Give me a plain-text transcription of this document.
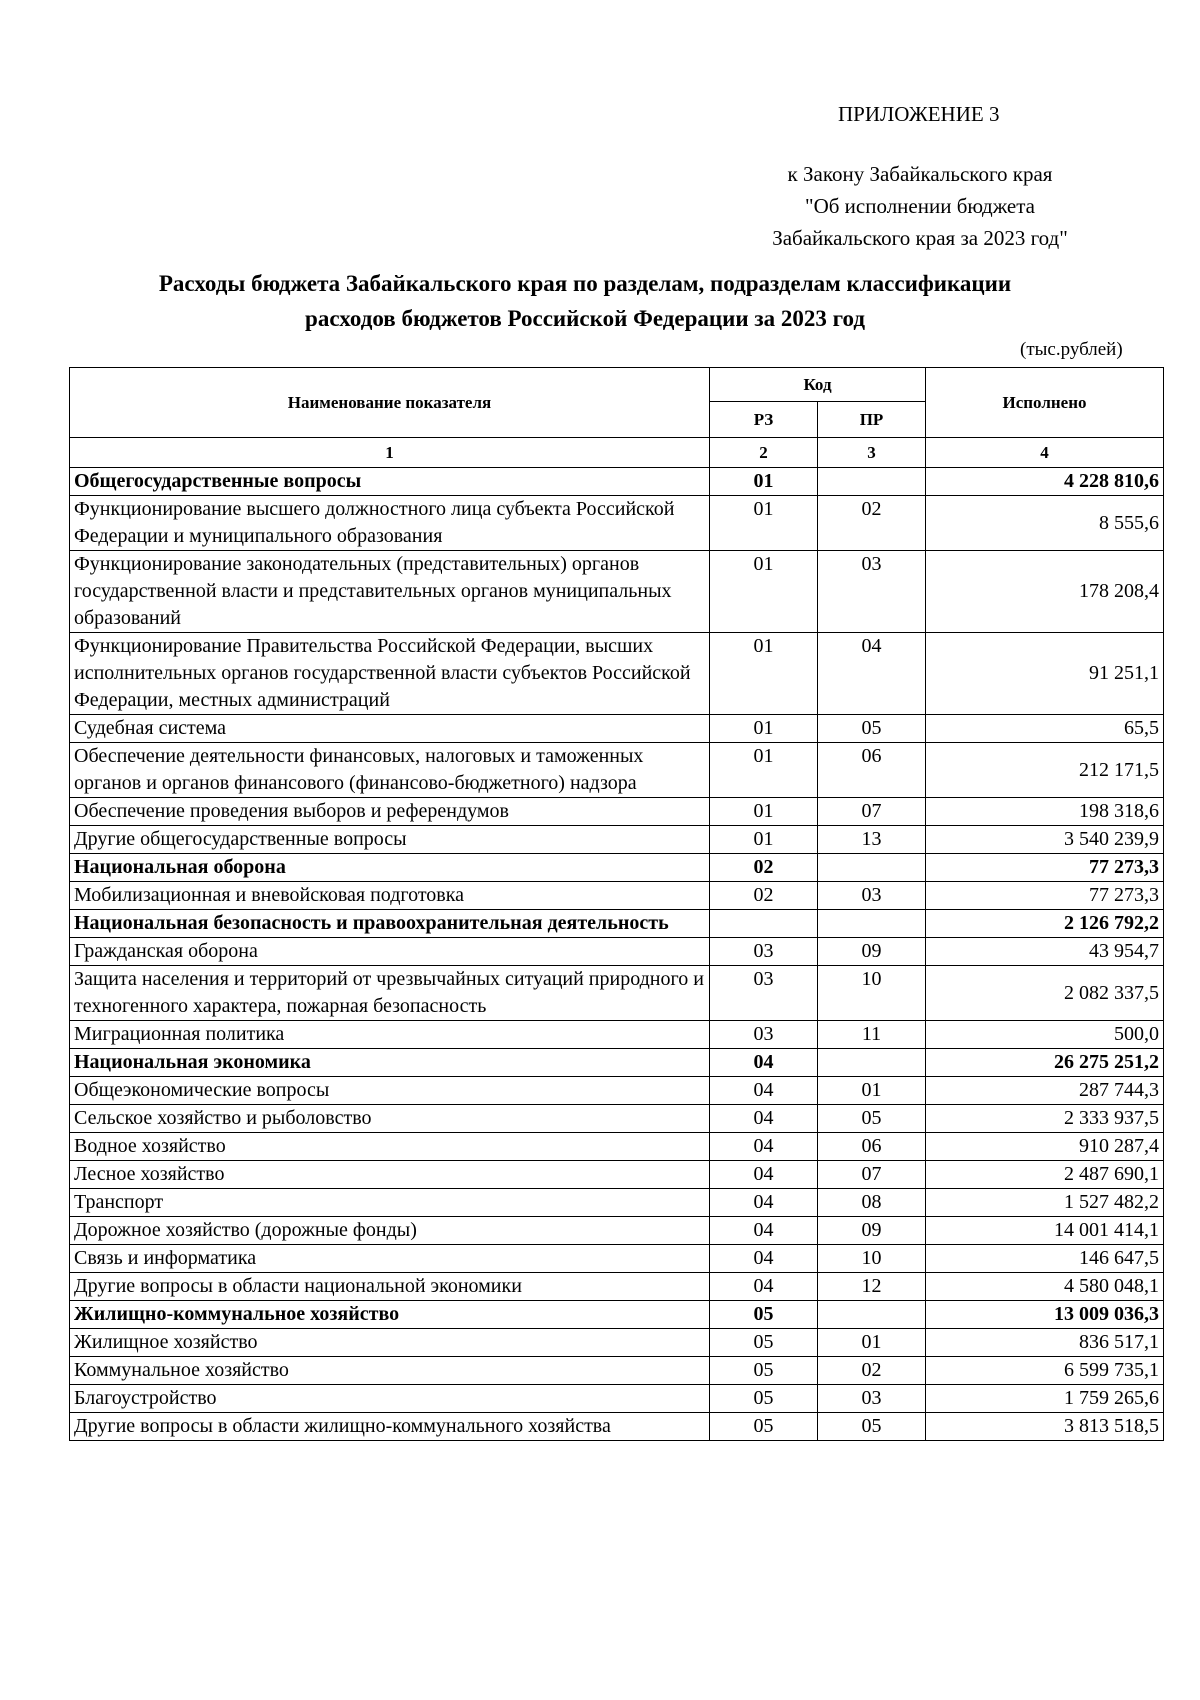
ПРИЛОЖЕНИЕ 3
к Закону Забайкальского края
"Об исполнении бюджета
Забайкальского края за 2023 год"
Расходы бюджета Забайкальского края по разделам, подразделам классификации
расходов бюджетов Российской Федерации за 2023 год
(тыс.рублей)
Наименование показателя	Код		Исполнено
	РЗ	ПР	
1	2	3	4
Общегосударственные вопросы	01		4 228 810,6
Функционирование высшего должностного лица субъекта Российской Федерации и муниципального образования	01	02	8 555,6
Функционирование законодательных (представительных) органов государственной власти и представительных органов муниципальных образований	01	03	178 208,4
Функционирование Правительства Российской Федерации, высших исполнительных органов государственной власти субъектов Российской Федерации, местных администраций	01	04	91 251,1
Судебная система	01	05	65,5
Обеспечение деятельности финансовых, налоговых и таможенных органов и органов финансового (финансово-бюджетного) надзора	01	06	212 171,5
Обеспечение проведения выборов и референдумов	01	07	198 318,6
Другие общегосударственные вопросы	01	13	3 540 239,9
Национальная оборона	02		77 273,3
Мобилизационная и вневойсковая подготовка	02	03	77 273,3
Национальная безопасность и правоохранительная деятельность			2 126 792,2
Гражданская оборона	03	09	43 954,7
Защита населения и территорий от чрезвычайных ситуаций природного и техногенного характера, пожарная безопасность	03	10	2 082 337,5
Миграционная политика	03	11	500,0
Национальная экономика	04		26 275 251,2
Общеэкономические вопросы	04	01	287 744,3
Сельское хозяйство и рыболовство	04	05	2 333 937,5
Водное хозяйство	04	06	910 287,4
Лесное хозяйство	04	07	2 487 690,1
Транспорт	04	08	1 527 482,2
Дорожное хозяйство (дорожные фонды)	04	09	14 001 414,1
Связь и информатика	04	10	146 647,5
Другие вопросы в области национальной экономики	04	12	4 580 048,1
Жилищно-коммунальное хозяйство	05		13 009 036,3
Жилищное хозяйство	05	01	836 517,1
Коммунальное хозяйство	05	02	6 599 735,1
Благоустройство	05	03	1 759 265,6
Другие вопросы в области жилищно-коммунального хозяйства	05	05	3 813 518,5
